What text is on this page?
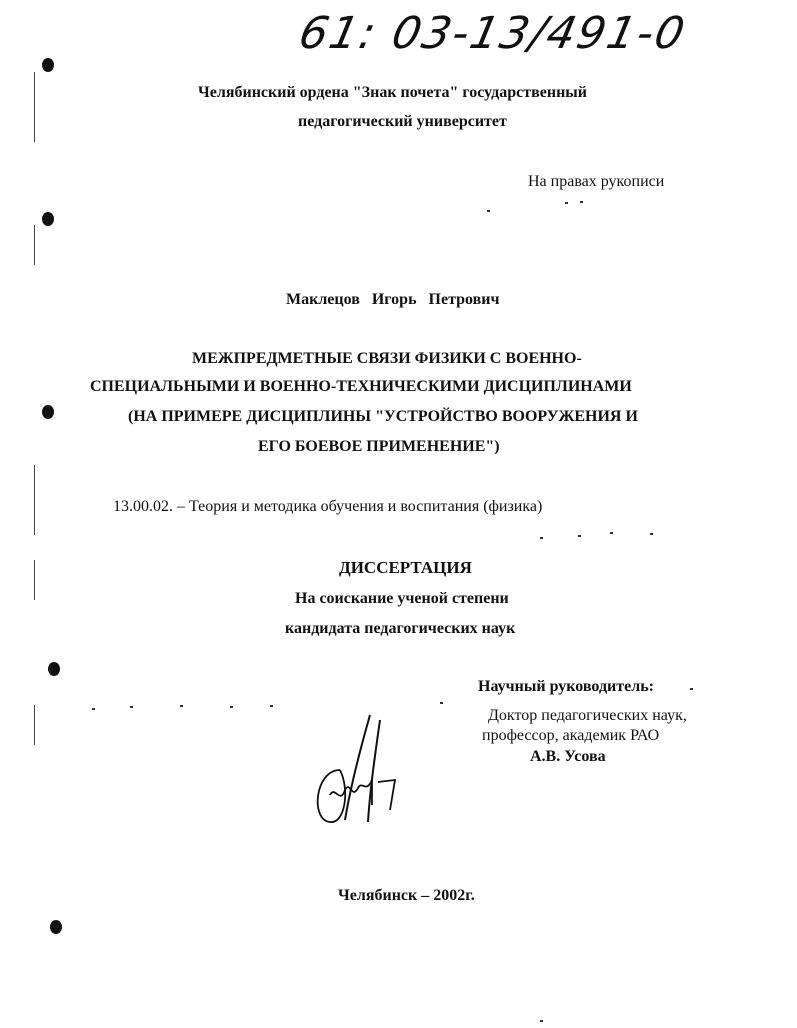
61: 03-13/491-0
Челябинский ордена "Знак почета" государственный
педагогический университет
На правах рукописи
Маклецов   Игорь   Петрович
МЕЖПРЕДМЕТНЫЕ СВЯЗИ ФИЗИКИ С ВОЕННО-
СПЕЦИАЛЬНЫМИ И ВОЕННО-ТЕХНИЧЕСКИМИ ДИСЦИПЛИНАМИ
(НА ПРИМЕРЕ ДИСЦИПЛИНЫ "УСТРОЙСТВО ВООРУЖЕНИЯ И
ЕГО БОЕВОЕ ПРИМЕНЕНИЕ")
13.00.02. – Теория и методика обучения и воспитания (физика)
ДИССЕРТАЦИЯ
На соискание ученой степени
кандидата педагогических наук
Научный руководитель:
Доктор педагогических наук,
профессор, академик РАО
А.В. Усова
Челябинск – 2002г.
